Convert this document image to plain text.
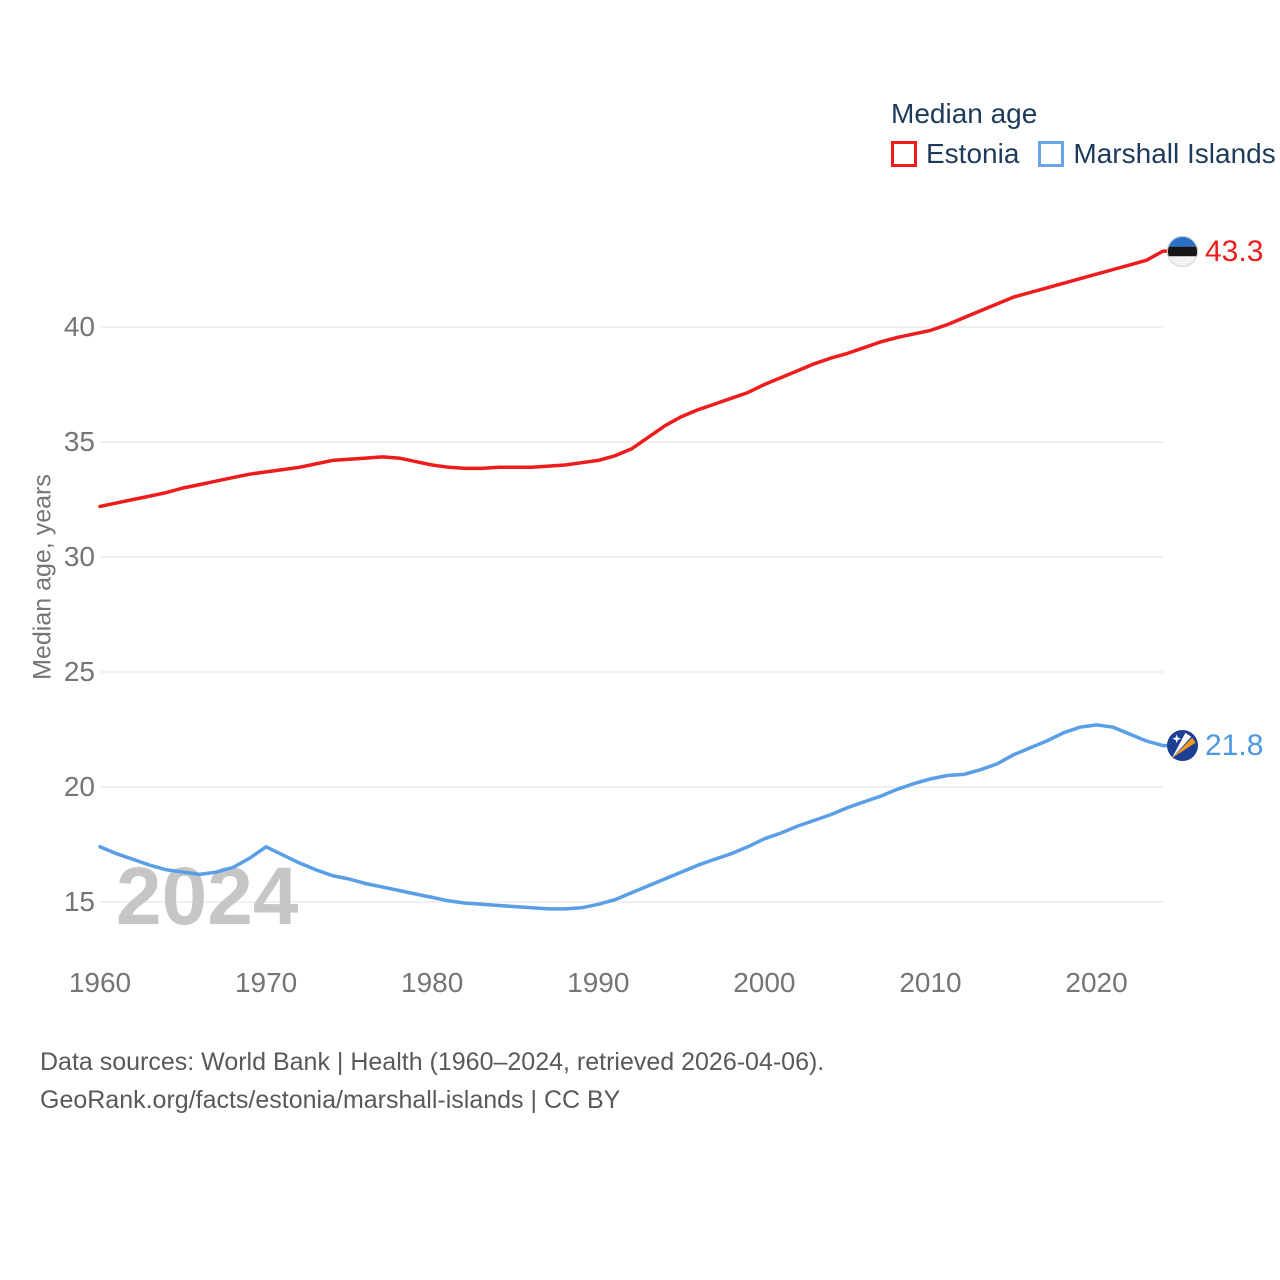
2024
15
20
25
30
35
40
1960	1970	1980	1990	2000	2010	2020
Median age, years
Median age
Estonia Marshall Islands
43.3
21.8
Data sources: World Bank | Health (1960–2024, retrieved 2026-04-06).
GeoRank.org/facts/estonia/marshall-islands | CC BY
